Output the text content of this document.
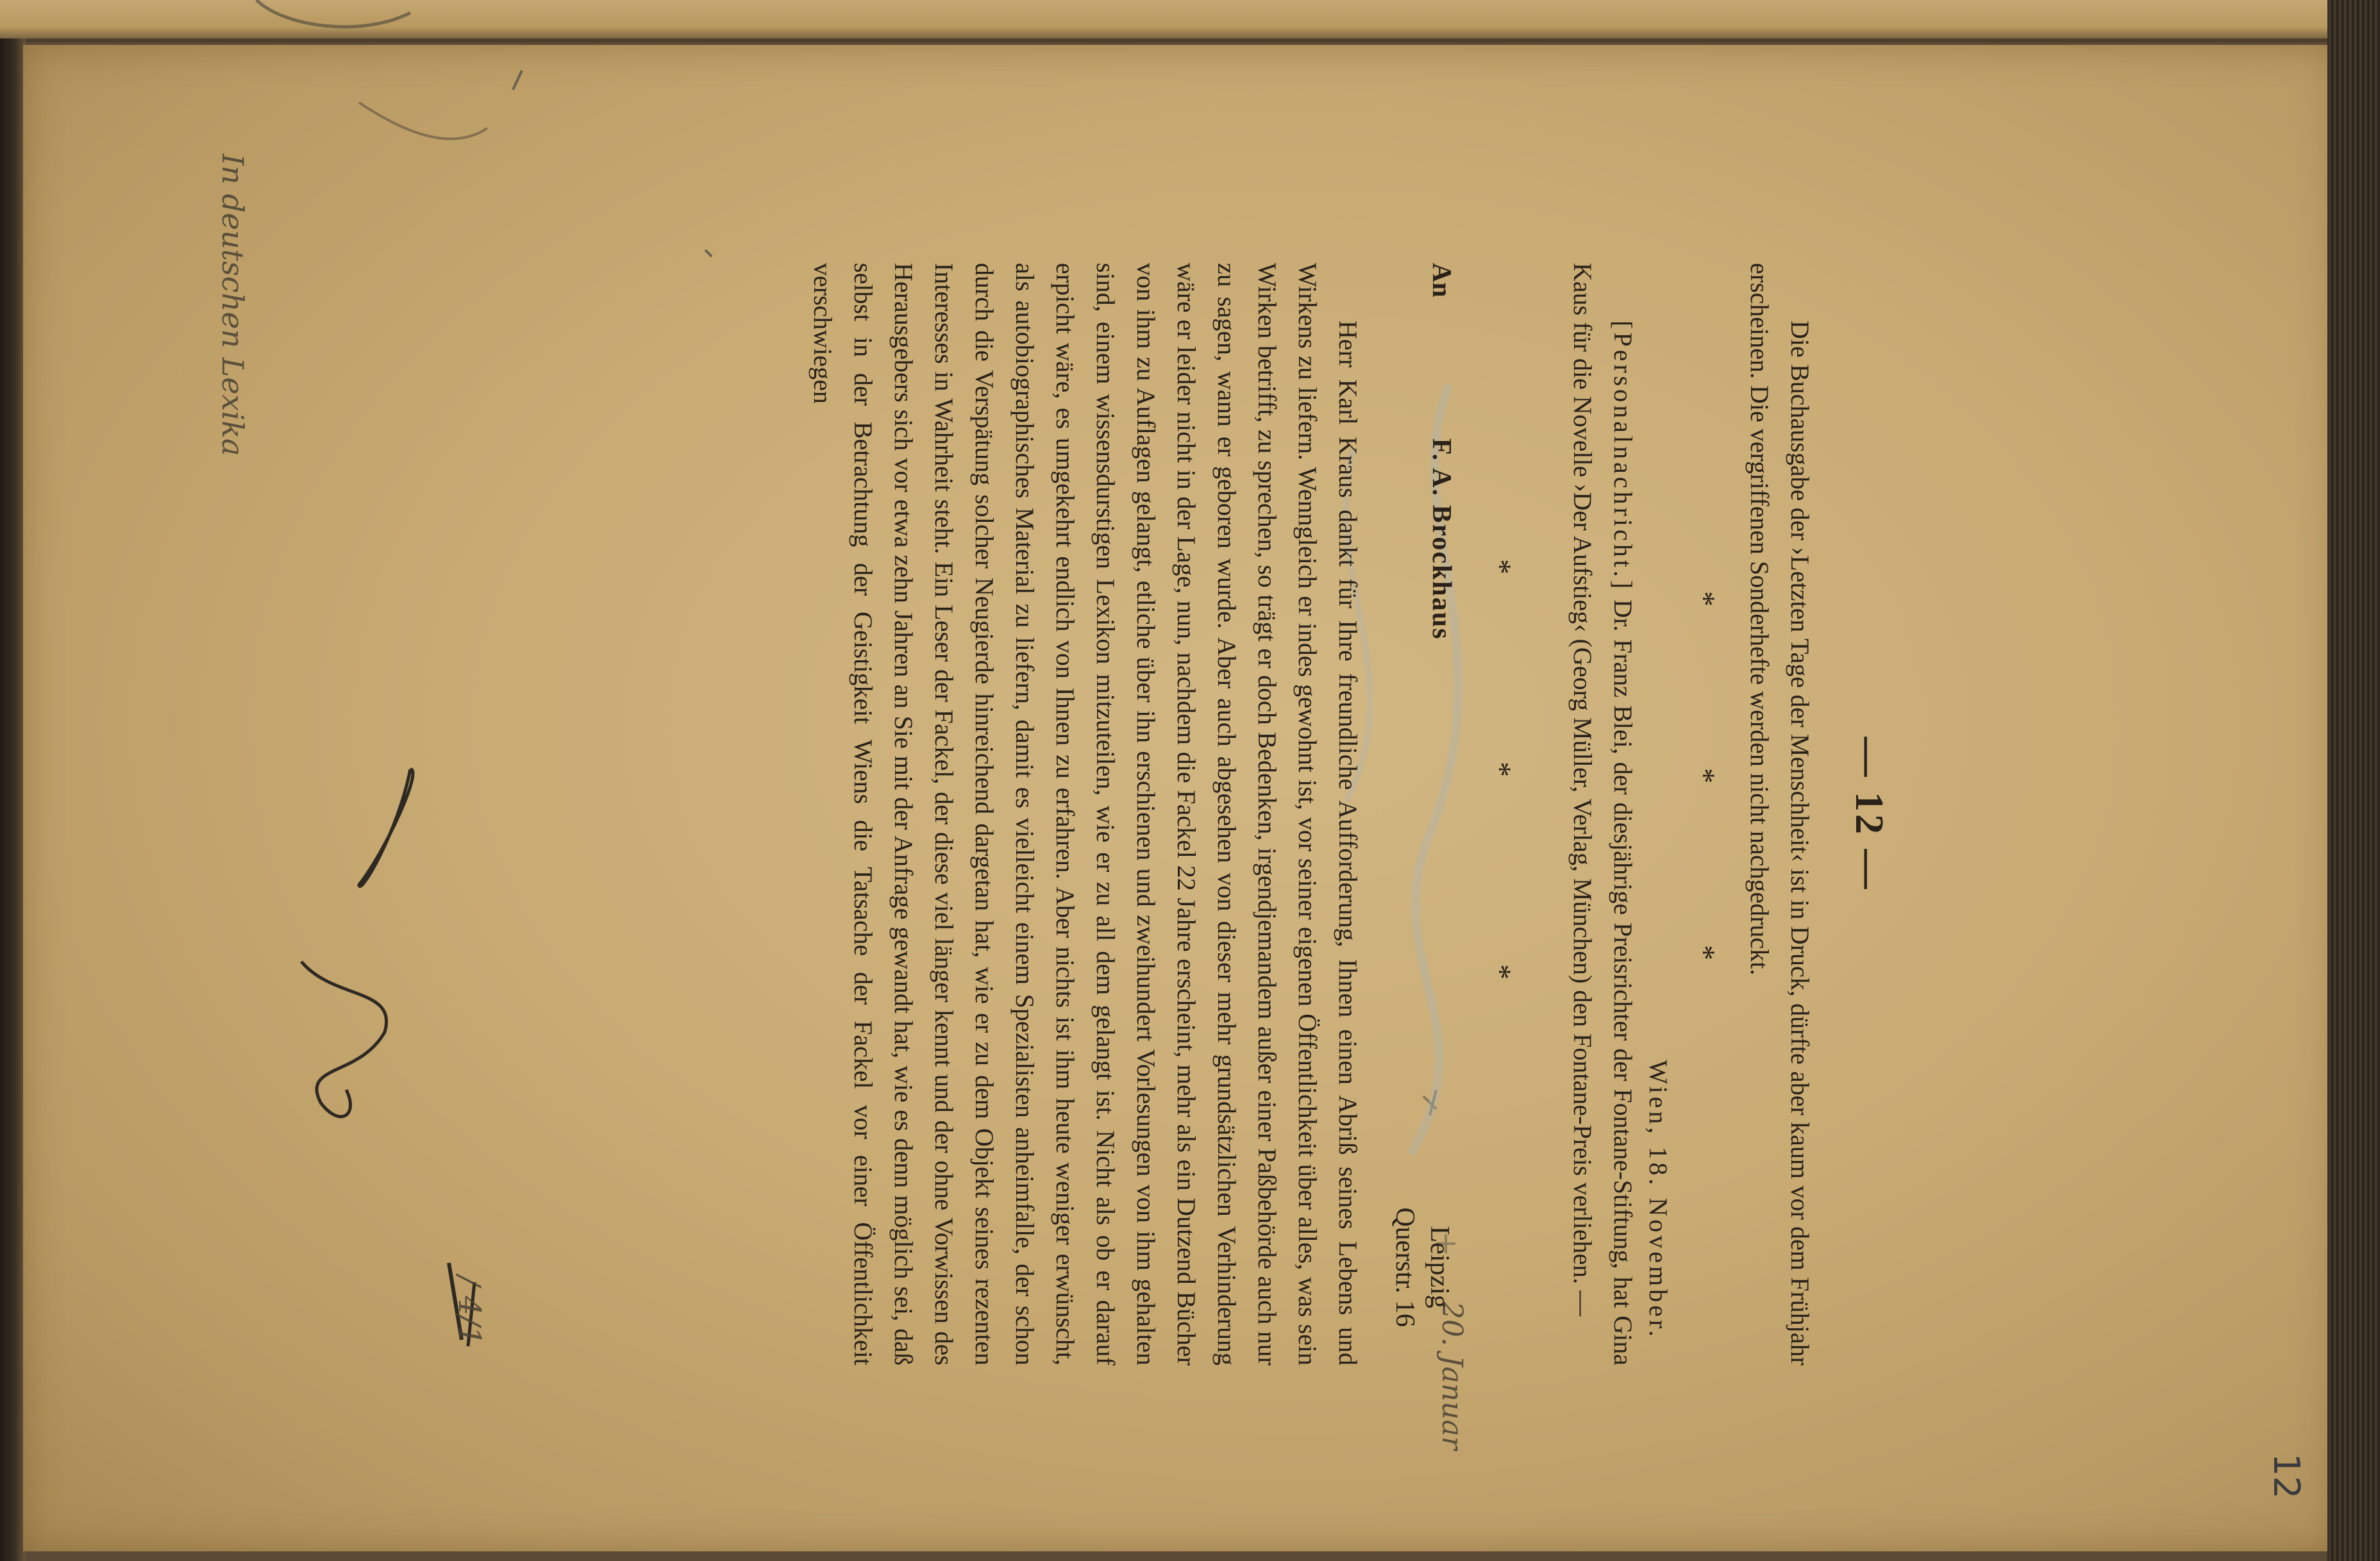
In deutschen Lexika
20. Januar
/ 4/1
12
— 12 —

Die Buchausgabe der ›Letzten Tage der Menschheit‹ ist in Druck, dürfte aber kaum vor dem Frühjahr erscheinen. Die vergriffenen Sonderhefte werden nicht nachgedruckt.

* * *
Wien, 18. November.

[Personalnachricht.] Dr. Franz Blei, der diesjährige Preisrichter der Fontane-Stiftung, hat Gina Kaus für die Novelle ›Der Aufstieg‹ (Georg Müller, Verlag, München) den Fontane-Preis verliehen. —

* * *
An
F. A. Brockhaus
Leipzig
Querstr. 16

Herr Karl Kraus dankt für Ihre freundliche Aufforderung, Ihnen einen Abriß seines Lebens und Wirkens zu liefern. Wenngleich er indes gewohnt ist, vor seiner eigenen Öffentlichkeit über alles, was sein Wirken betrifft, zu sprechen, so trägt er doch Bedenken, irgendjemandem außer einer Paßbehörde auch nur zu sagen, wann er geboren wurde. Aber auch abgesehen von dieser mehr grundsätzlichen Verhinderung wäre er leider nicht in der Lage, nun, nachdem die Fackel 22 Jahre erscheint, mehr als ein Dutzend Bücher von ihm zu Auflagen gelangt, etliche über ihn erschienen und zweihundert Vorlesungen von ihm gehalten sind, einem wissensdurstigen Lexikon mitzuteilen, wie er zu all dem gelangt ist. Nicht als ob er darauf erpicht wäre, es umgekehrt endlich von Ihnen zu erfahren. Aber nichts ist ihm heute weniger erwünscht, als autobiographisches Material zu liefern, damit es vielleicht einem Spezialisten anheimfalle, der schon durch die Verspätung solcher Neugierde hinreichend dargetan hat, wie er zu dem Objekt seines rezenten Interesses in Wahrheit steht. Ein Leser der Fackel, der diese viel länger kennt und der ohne Vorwissen des Herausgebers sich vor etwa zehn Jahren an Sie mit der Anfrage gewandt hat, wie es denn möglich sei, daß selbst in der Betrachtung der Geistigkeit Wiens die Tatsache der Fackel vor einer Öffentlichkeit verschwiegen
